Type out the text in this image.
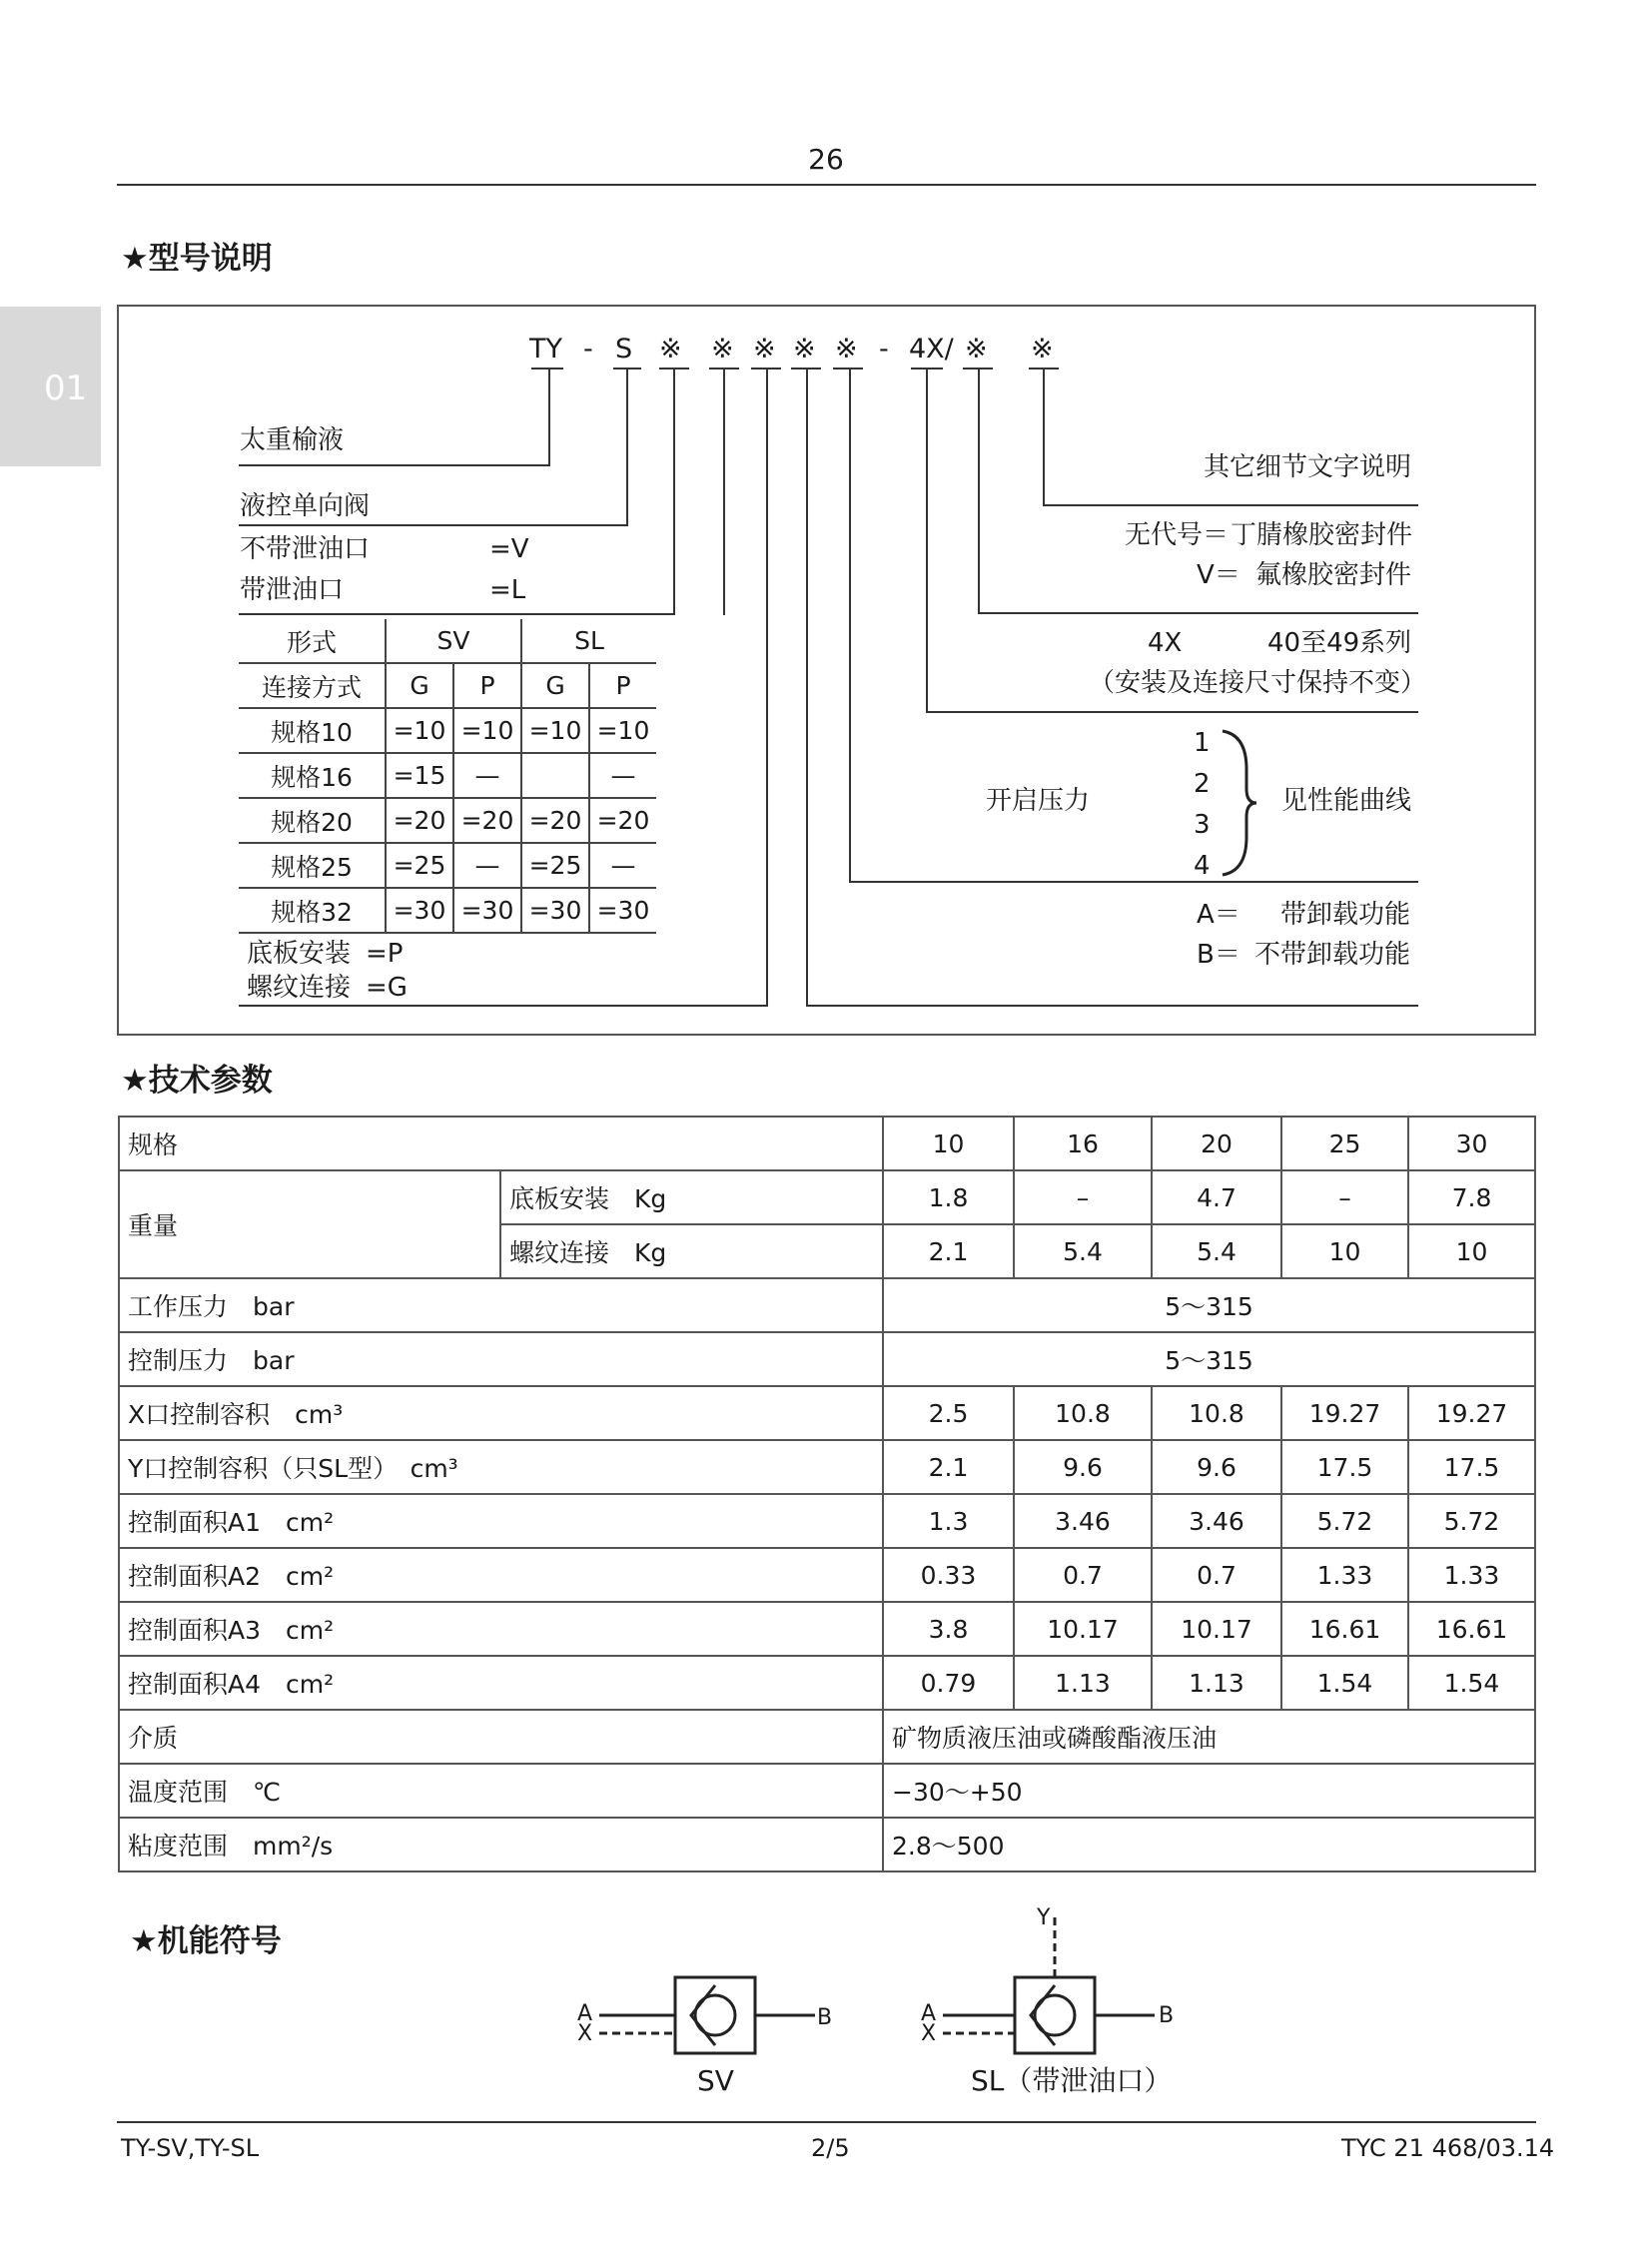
26
01
★型号说明
TY - S ※ ※ ※ ※ ※ - 4X/ ※ ※
太重榆液
液控单向阀
不带泄油口	=V
带泄油口	=L
形式	SV		SL	
连接方式	G	P	G	P
规格10	=10	=10	=10	=10
规格16	=15	—		—
规格20	=20	=20	=20	=20
规格25	=25	—	=25	—
规格32	=30	=30	=30	=30
底板安装 =P
螺纹连接 =G
其它细节文字说明
无代号＝ 丁腈橡胶密封件
V＝ 氟橡胶密封件
4X	40至49系列
（安装及连接尺寸保持不变）
开启压力
1
2
3
4
见性能曲线
A＝ 带卸载功能
B＝ 不带卸载功能
★技术参数
规格		10	16	20	25	30
重量	底板安装　Kg	1.8	–	4.7	–	7.8
	螺纹连接　Kg	2.1	5.4	5.4	10	10
工作压力　bar		5～315				
控制压力　bar		5～315				
X口控制容积　cm³		2.5	10.8	10.8	19.27	19.27
Y口控制容积（只SL型）　cm³		2.1	9.6	9.6	17.5	17.5
控制面积A1　cm²		1.3	3.46	3.46	5.72	5.72
控制面积A2　cm²		0.33	0.7	0.7	1.33	1.33
控制面积A3　cm²		3.8	10.17	10.17	16.61	16.61
控制面积A4　cm²		0.79	1.13	1.13	1.54	1.54
介质		矿物质液压油或磷酸酯液压油				
温度范围　℃		−30～+50				
粘度范围　mm²/s		2.8～500				
★机能符号
A
X
B
SV
Y
A
X
B
SL（带泄油口）
TY-SV,TY-SL	2/5	TYC 21 468/03.14
